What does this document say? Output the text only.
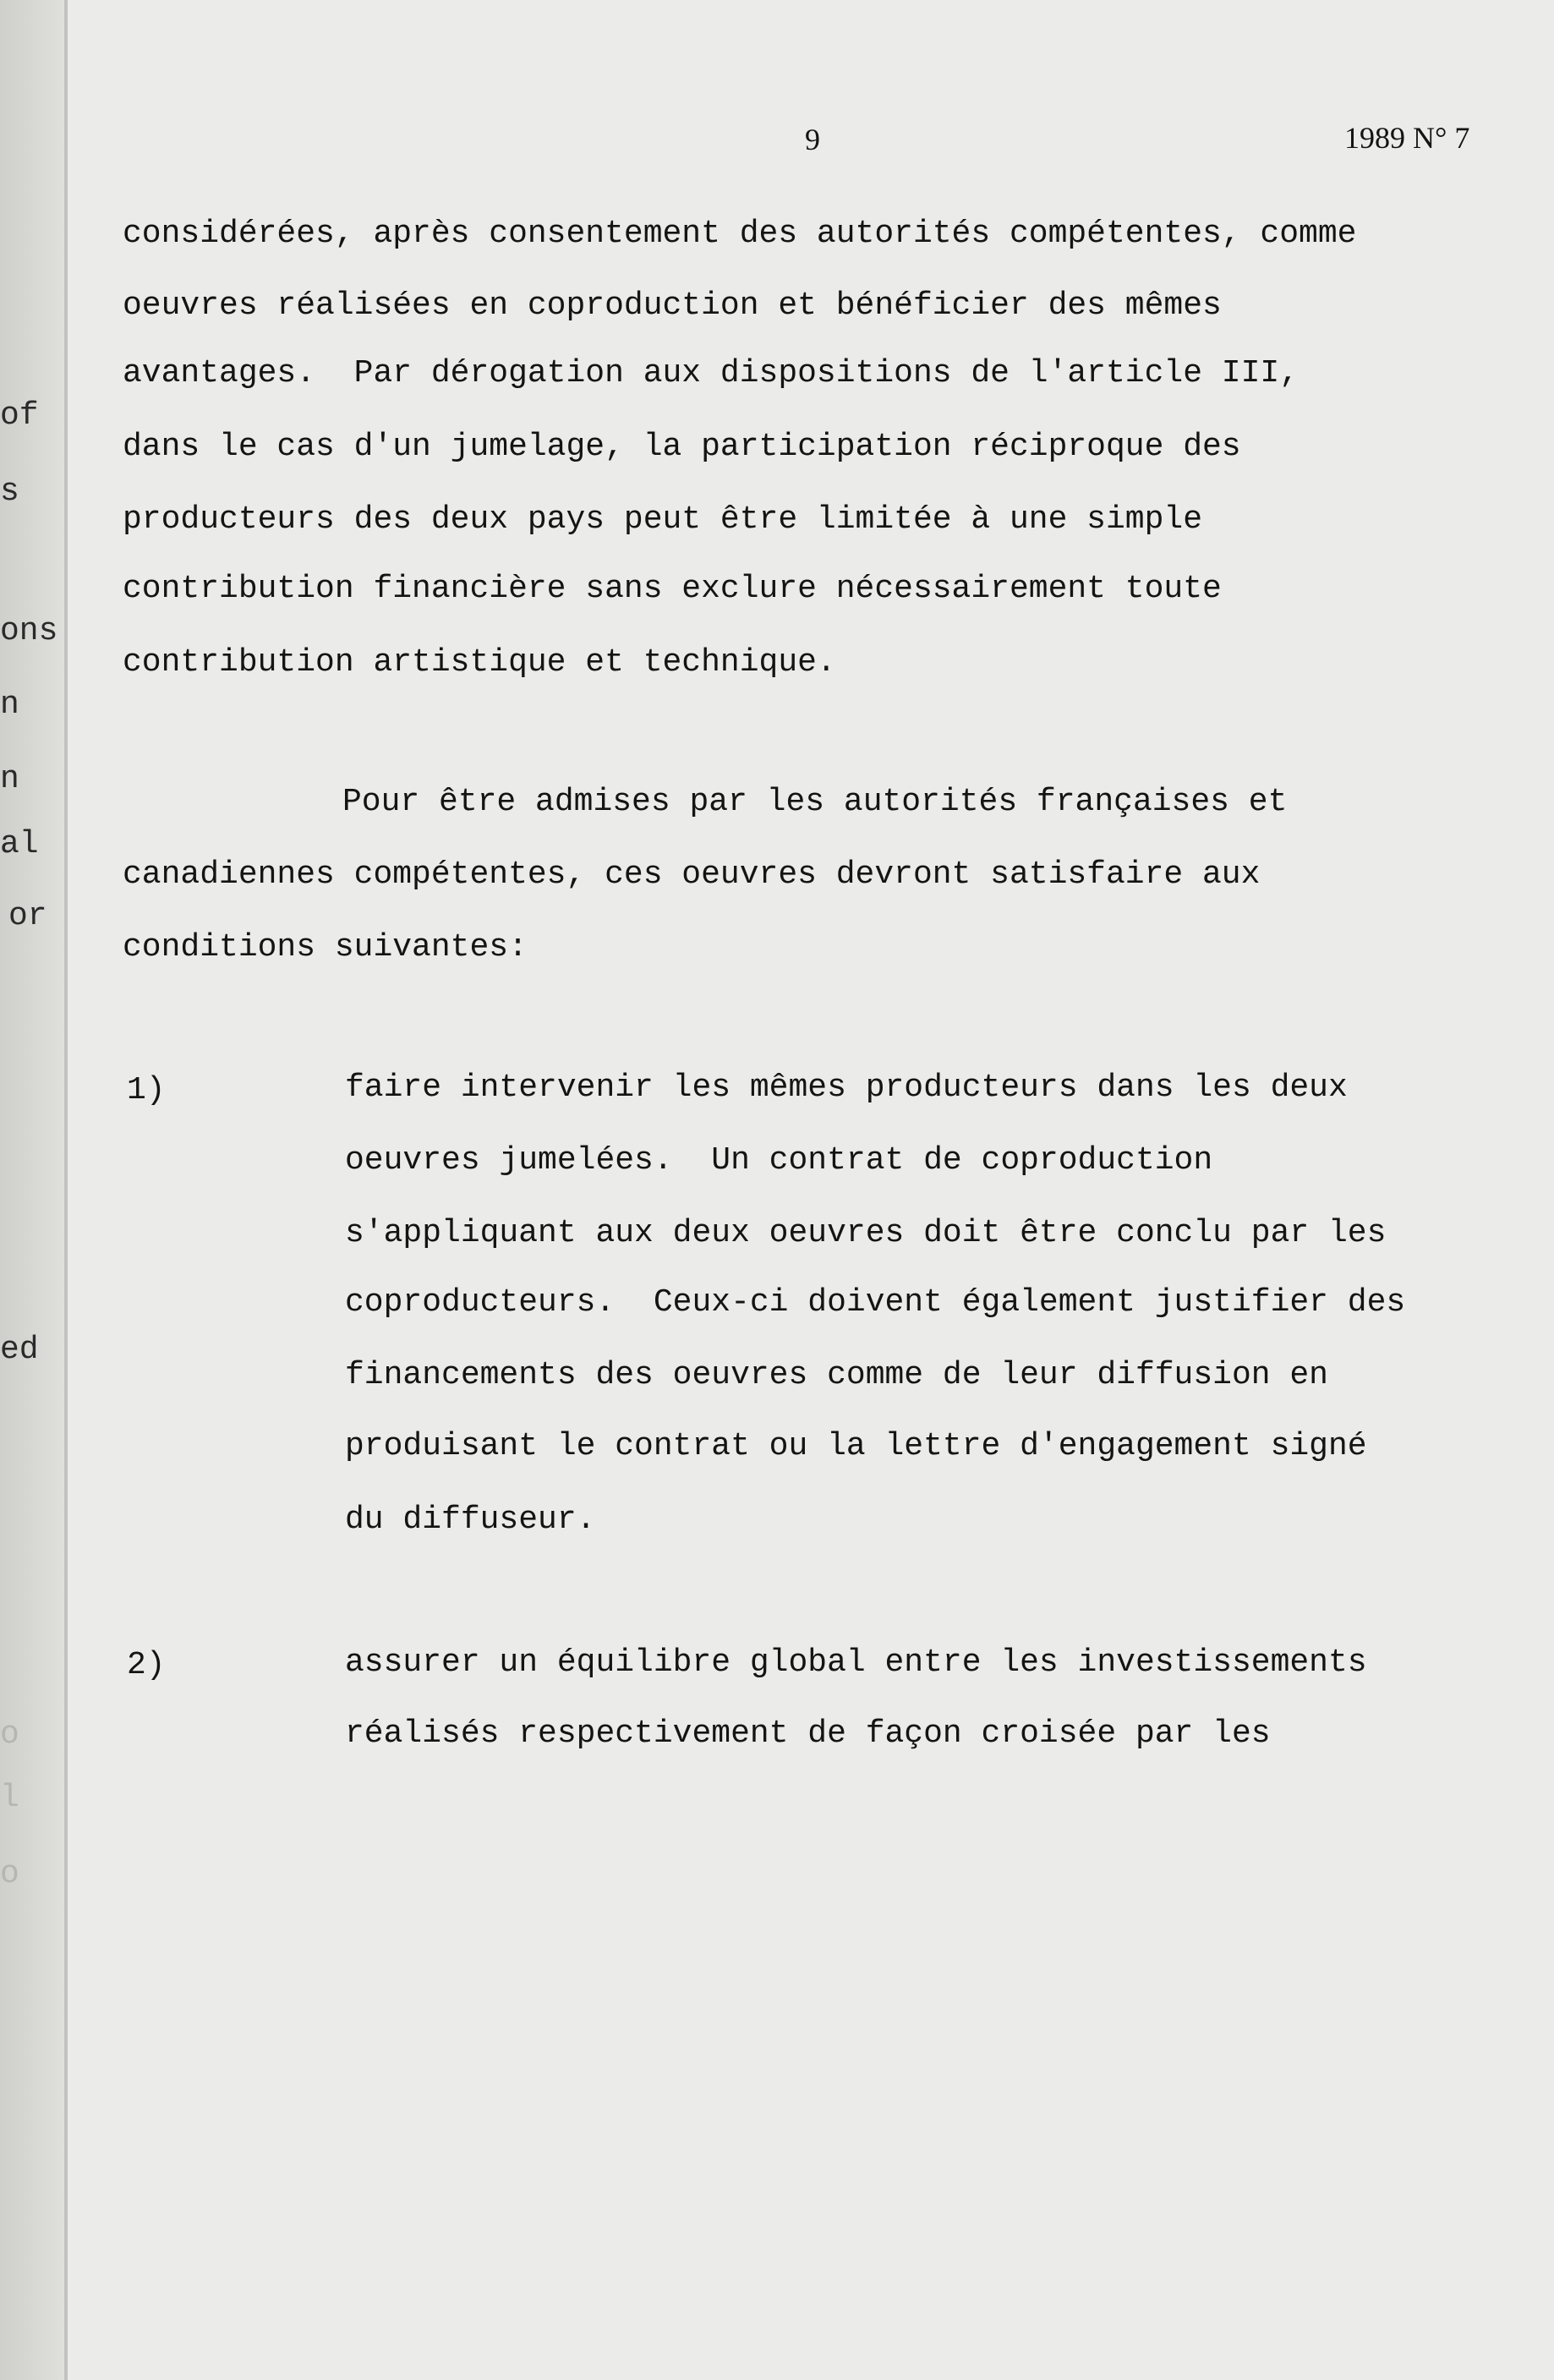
of
s
ons
n
n
al
or
ed
o
l
o
9	1989 N° 7
considérées, après consentement des autorités compétentes, comme
oeuvres réalisées en coproduction et bénéficier des mêmes
avantages.  Par dérogation aux dispositions de l'article III,
dans le cas d'un jumelage, la participation réciproque des
producteurs des deux pays peut être limitée à une simple
contribution financière sans exclure nécessairement toute
contribution artistique et technique.
Pour être admises par les autorités françaises et
canadiennes compétentes, ces oeuvres devront satisfaire aux
conditions suivantes:
1)	faire intervenir les mêmes producteurs dans les deux
oeuvres jumelées.  Un contrat de coproduction
s'appliquant aux deux oeuvres doit être conclu par les
coproducteurs.  Ceux-ci doivent également justifier des
financements des oeuvres comme de leur diffusion en
produisant le contrat ou la lettre d'engagement signé
du diffuseur.
2)	assurer un équilibre global entre les investissements
réalisés respectivement de façon croisée par les
